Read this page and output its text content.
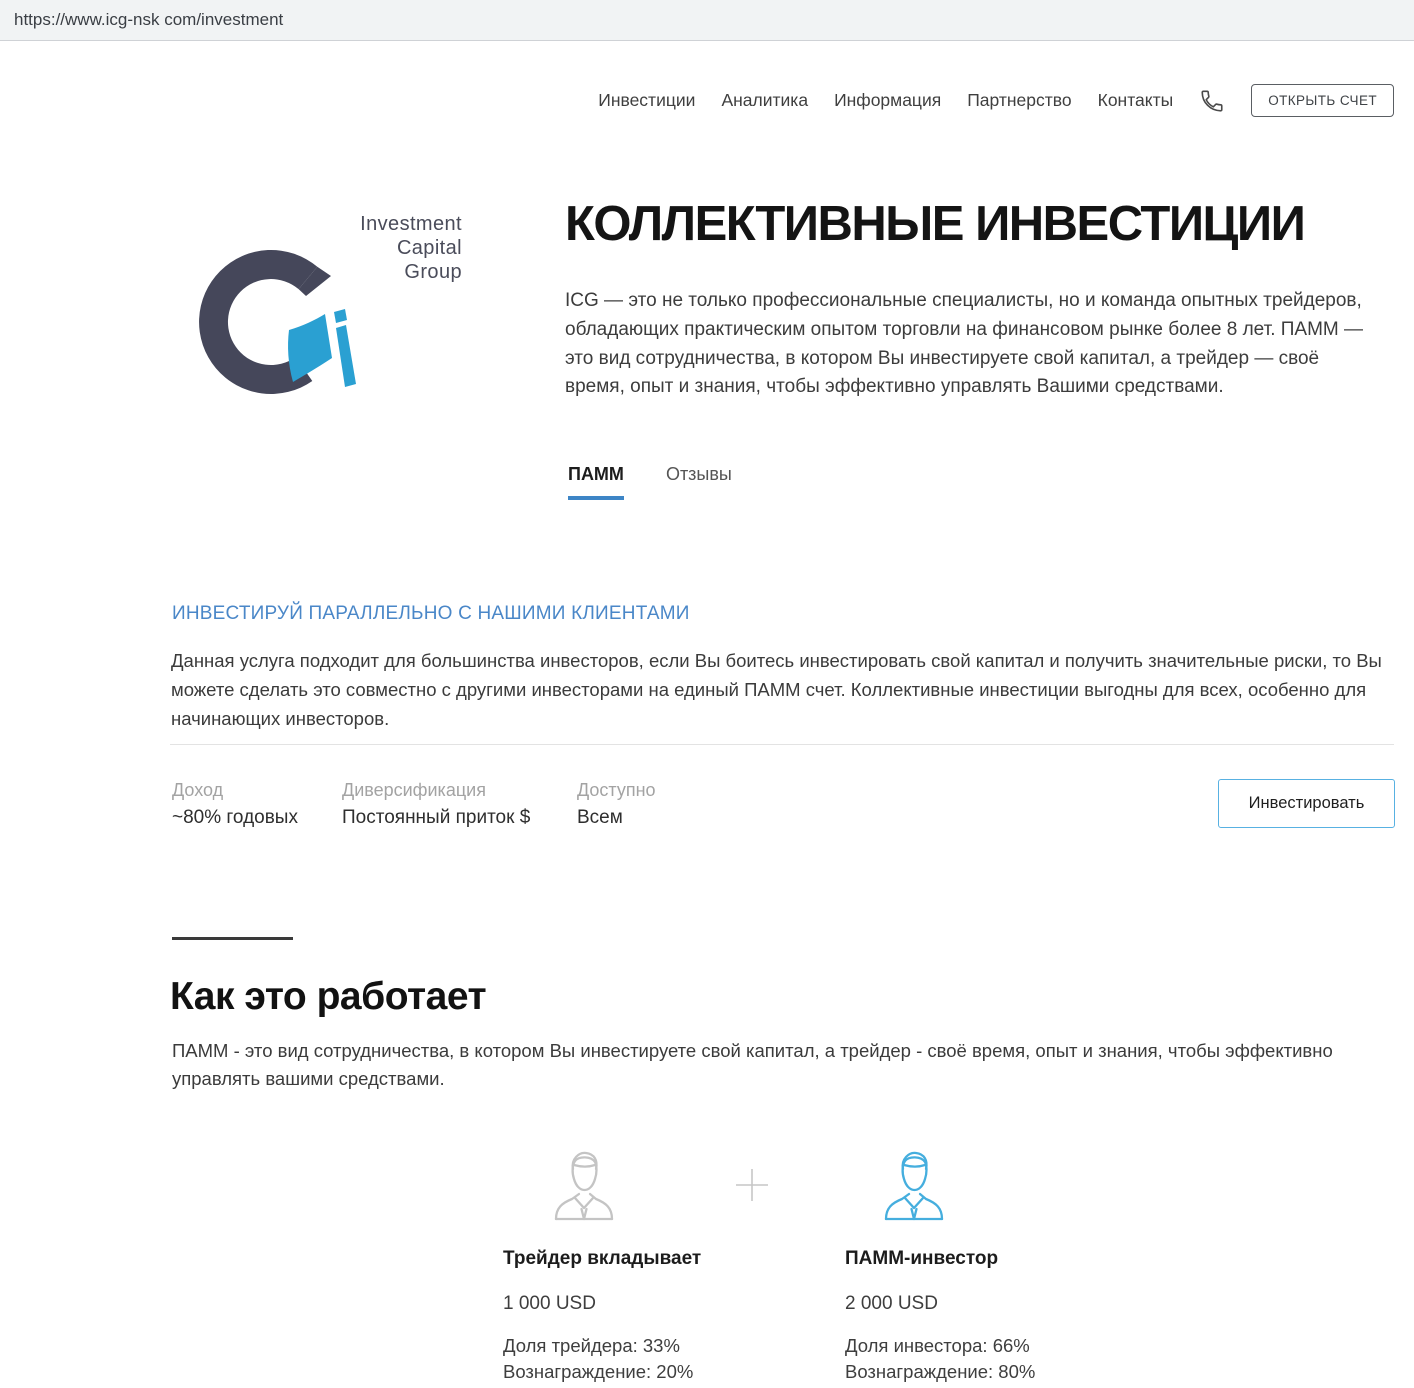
https://www.icg-nsk com/investment
Инвестиции Аналитика Информация Партнерство Контакты	ОТКРЫТЬ СЧЕТ
Investment
Capital
Group
КОЛЛЕКТИВНЫЕ ИНВЕСТИЦИИ

ICG — это не только профессиональные специалисты, но и команда опытных трейдеров, обладающих практическим опытом торговли на финансовом рынке более 8 лет. ПАММ — это вид сотрудничества, в котором Вы инвестируете свой капитал, а трейдер — своё время, опыт и знания, чтобы эффективно управлять Вашими средствами.

ПАММ Отзывы
ИНВЕСТИРУЙ ПАРАЛЛЕЛЬНО С НАШИМИ КЛИЕНТАМИ

Данная услуга подходит для большинства инвесторов, если Вы боитесь инвестировать свой капитал и получить значительные риски, то Вы можете сделать это совместно с другими инвесторами на единый ПАММ счет. Коллективные инвестиции выгодны для всех, особенно для начинающих инвесторов.

Доход
~80% годовых
Диверсификация
Постоянный приток $
Доступно
Всем
Инвестировать
Как это работает

ПАММ - это вид сотрудничества, в котором Вы инвестируете свой капитал, а трейдер - своё время, опыт и знания, чтобы эффективно управлять вашими средствами.

Трейдер вкладывает
1 000 USD
Доля трейдера: 33%
Вознаграждение: 20%
ПАММ-инвестор
2 000 USD
Доля инвестора: 66%
Вознаграждение: 80%
